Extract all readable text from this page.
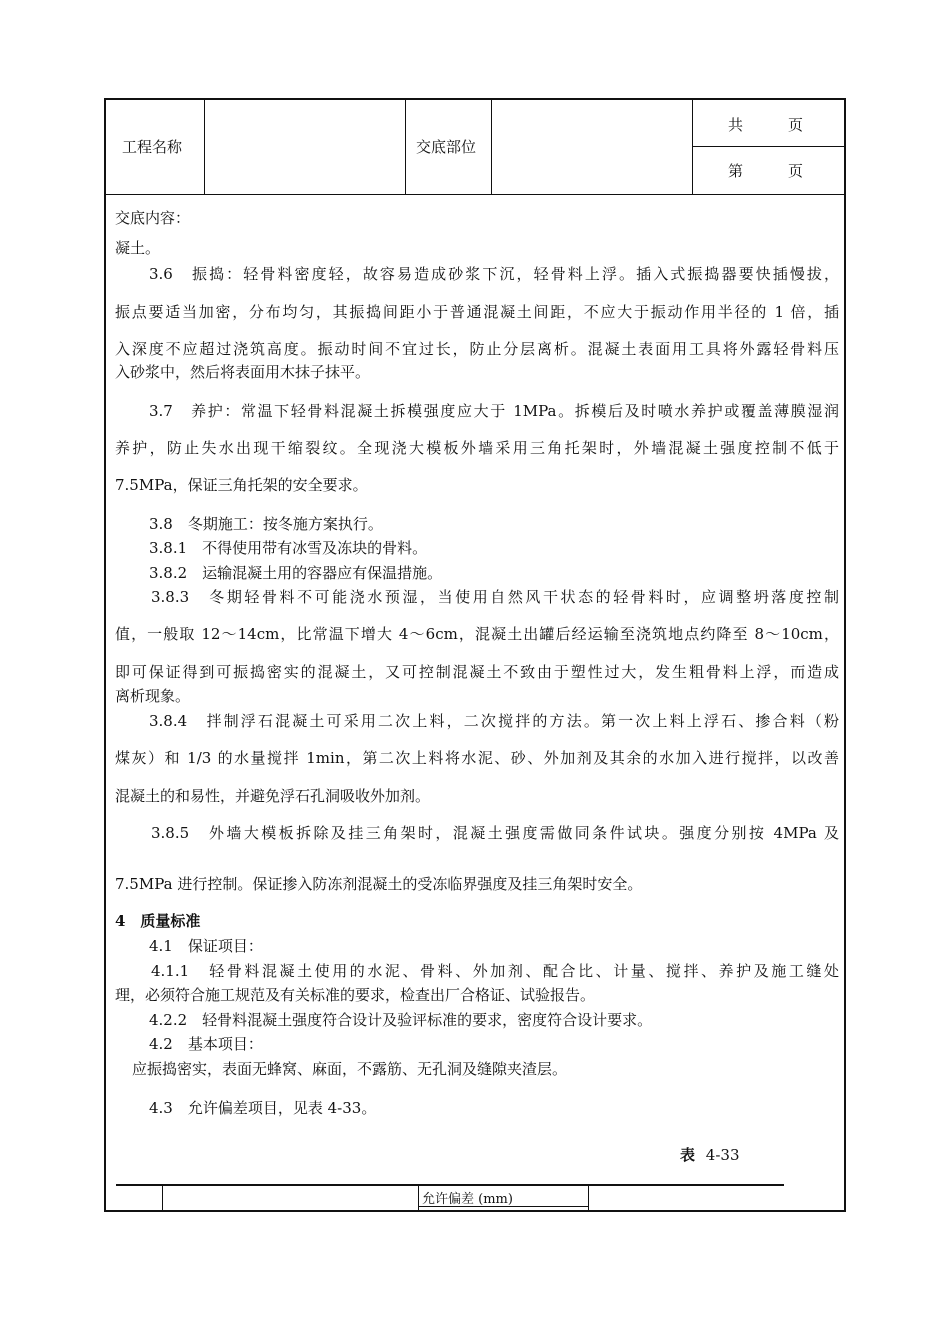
工程名称	交底部位
共　　　页
第　　　页
交底内容：
凝土。
3.6　振捣：轻骨料密度轻，故容易造成砂浆下沉，轻骨料上浮。插入式振捣器要快插慢拔，
振点要适当加密，分布均匀，其振捣间距小于普通混凝土间距，不应大于振动作用半径的 1 倍，插
入深度不应超过浇筑高度。振动时间不宜过长，防止分层离析。混凝土表面用工具将外露轻骨料压
入砂浆中，然后将表面用木抹子抹平。
3.7　养护：常温下轻骨料混凝土拆模强度应大于 1MPa。拆模后及时喷水养护或覆盖薄膜湿润
养护，防止失水出现干缩裂纹。全现浇大模板外墙采用三角托架时，外墙混凝土强度控制不低于
7.5MPa，保证三角托架的安全要求。
3.8　冬期施工：按冬施方案执行。
3.8.1　不得使用带有冰雪及冻块的骨料。
3.8.2　运输混凝土用的容器应有保温措施。
3.8.3　冬期轻骨料不可能浇水预湿，当使用自然风干状态的轻骨料时，应调整坍落度控制
值，一般取 12～14cm，比常温下增大 4～6cm，混凝土出罐后经运输至浇筑地点约降至 8～10cm，
即可保证得到可振捣密实的混凝土，又可控制混凝土不致由于塑性过大，发生粗骨料上浮，而造成
离析现象。
3.8.4　拌制浮石混凝土可采用二次上料，二次搅拌的方法。第一次上料上浮石、掺合料（粉
煤灰）和 1/3 的水量搅拌 1min，第二次上料将水泥、砂、外加剂及其余的水加入进行搅拌，以改善
混凝土的和易性，并避免浮石孔洞吸收外加剂。
3.8.5　外墙大模板拆除及挂三角架时，混凝土强度需做同条件试块。强度分别按 4MPa 及
7.5MPa 进行控制。保证掺入防冻剂混凝土的受冻临界强度及挂三角架时安全。
4　质量标准
4.1　保证项目：
4.1.1　轻骨料混凝土使用的水泥、骨料、外加剂、配合比、计量、搅拌、养护及施工缝处
理，必须符合施工规范及有关标准的要求，检查出厂合格证、试验报告。
4.2.2　轻骨料混凝土强度符合设计及验评标准的要求，密度符合设计要求。
4.2　基本项目：
应振捣密实，表面无蜂窝、麻面，不露筋、无孔洞及缝隙夹渣层。
4.3　允许偏差项目，见表 4-33。
表 4-33
允许偏差 (mm)
